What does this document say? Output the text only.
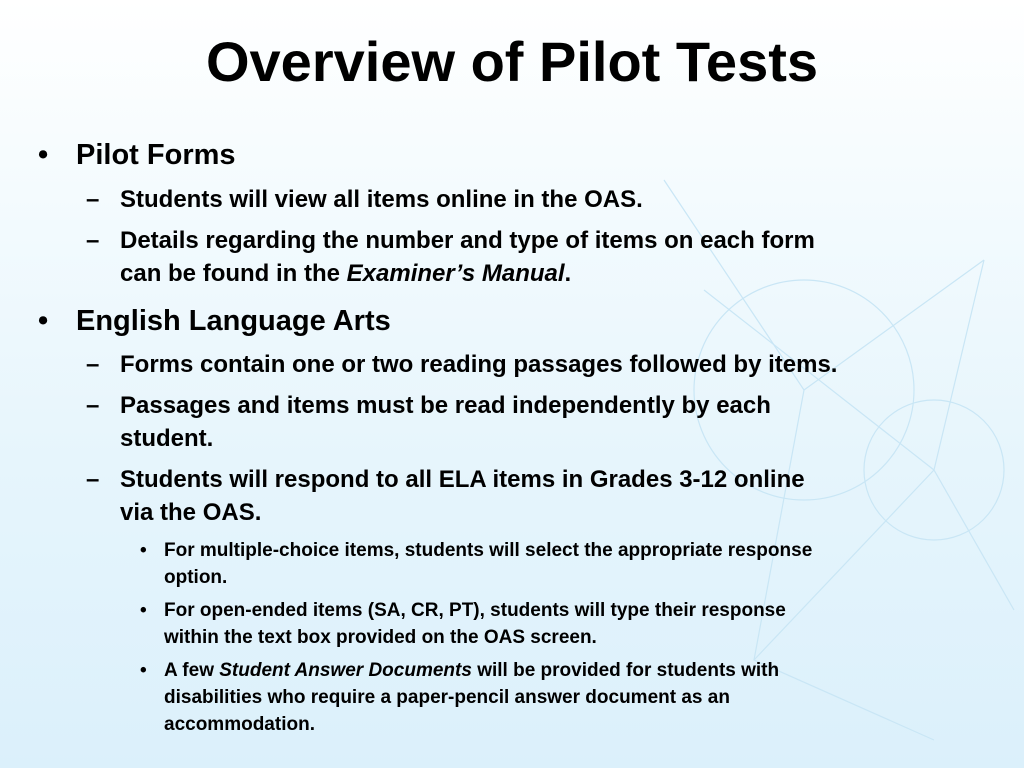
Overview of Pilot Tests
• Pilot Forms
– Students will view all items online in the OAS.
– Details regarding the number and type of items on each form
can be found in the Examiner’s Manual.
• English Language Arts
– Forms contain one or two reading passages followed by items.
– Passages and items must be read independently by each
student.
– Students will respond to all ELA items in Grades 3-12 online
via the OAS.
• For multiple-choice items, students will select the appropriate response
option.
• For open-ended items (SA, CR, PT), students will type their response
within the text box provided on the OAS screen.
• A few Student Answer Documents will be provided for students with
disabilities who require a paper-pencil answer document as an
accommodation.
